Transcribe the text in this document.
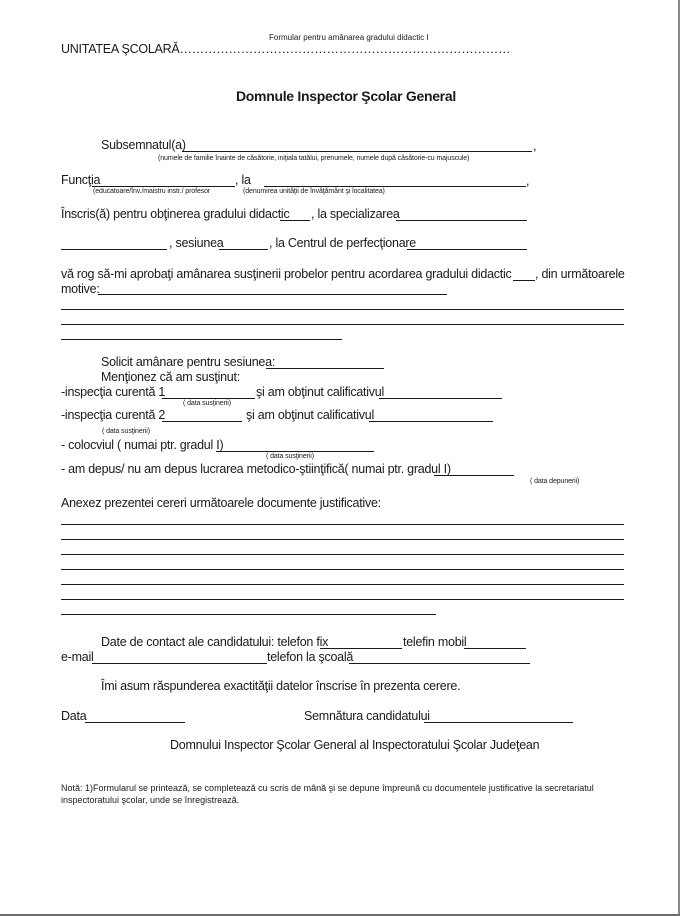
Formular pentru amânarea gradului didactic I
UNITATEA ŞCOLARĂ………………………………………………………………………
Domnule Inspector Şcolar General
Subsemnatul(a)	,
(numele de familie înainte de căsătorie, iniţiala tatălui, prenumele, numele după căsătorie-cu majuscule)
Funcţia	, la	,
(educatoare/înv./maistru instr./ profesor	(denumirea unităţii de învăţământ şi localitatea)
Înscris(ă) pentru obţinerea gradului didactic , la specializarea
, sesiunea	, la Centrul de perfecţionare
vă rog să-mi aprobaţi amânarea susţinerii probelor pentru acordarea gradului didactic , din următoarele
motive:
Solicit amânare pentru sesiunea:
Menţionez că am susţinut:
-inspecţia curentă 1	şi am obţinut calificativul
( data susţinerii)
-inspecţia curentă 2	şi am obţinut calificativul
( data susţinerii)
- colocviul ( numai ptr. gradul I)
( data susţinerii)
- am depus/ nu am depus lucrarea metodico-ştiinţifică( numai ptr. gradul I)
( data depunerii)
Anexez prezentei cereri următoarele documente justificative:
Date de contact ale candidatului: telefon fix	telefin mobil
e-mail	telefon la şcoală
Îmi asum răspunderea exactităţii datelor înscrise în prezenta cerere.
Data	Semnătura candidatului
Domnului Inspector Şcolar General al Inspectoratului Şcolar Judeţean
Notă: 1)Formularul se printează, se completează cu scris de mână şi se depune împreună cu documentele justificative la secretariatul inspectoratului şcolar, unde se înregistrează.
